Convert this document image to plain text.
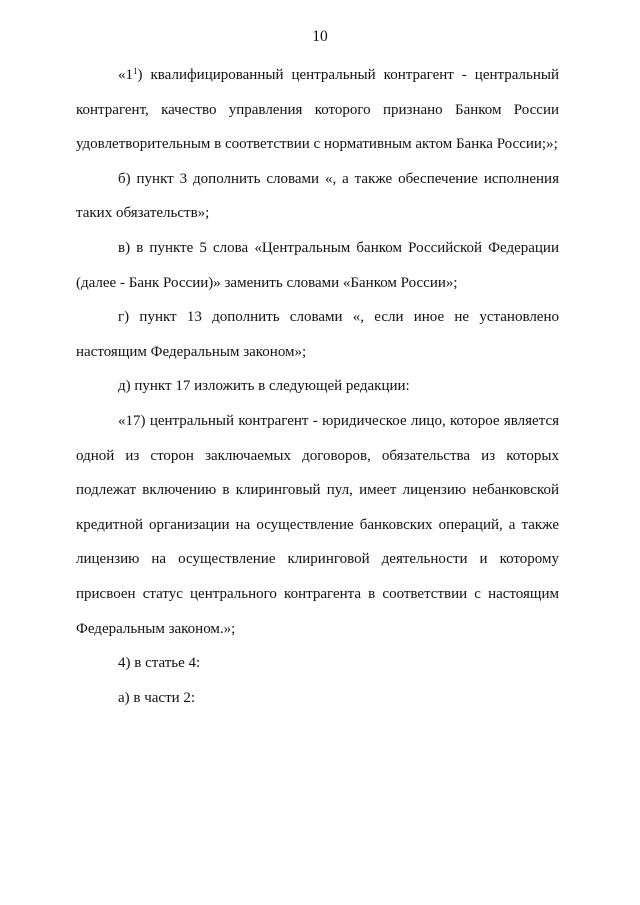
10

«$1^1$) квалифицированный центральный контрагент - центральный контрагент, качество управления которого признано Банком России удовлетворительным в соответствии с нормативным актом Банка России;»;

б) пункт 3 дополнить словами «, а также обеспечение исполнения таких обязательств»;

в) в пункте 5 слова «Центральным банком Российской Федерации (далее - Банк России)» заменить словами «Банком России»;

г) пункт 13 дополнить словами «, если иное не установлено настоящим Федеральным законом»;

д) пункт 17 изложить в следующей редакции:

«17) центральный контрагент - юридическое лицо, которое является одной из сторон заключаемых договоров, обязательства из которых подлежат включению в клиринговый пул, имеет лицензию небанковской кредитной организации на осуществление банковских операций, а также лицензию на осуществление клиринговой деятельности и которому присвоен статус центрального контрагента в соответствии с настоящим Федеральным законом.»;

4) в статье 4:

а) в части 2:
